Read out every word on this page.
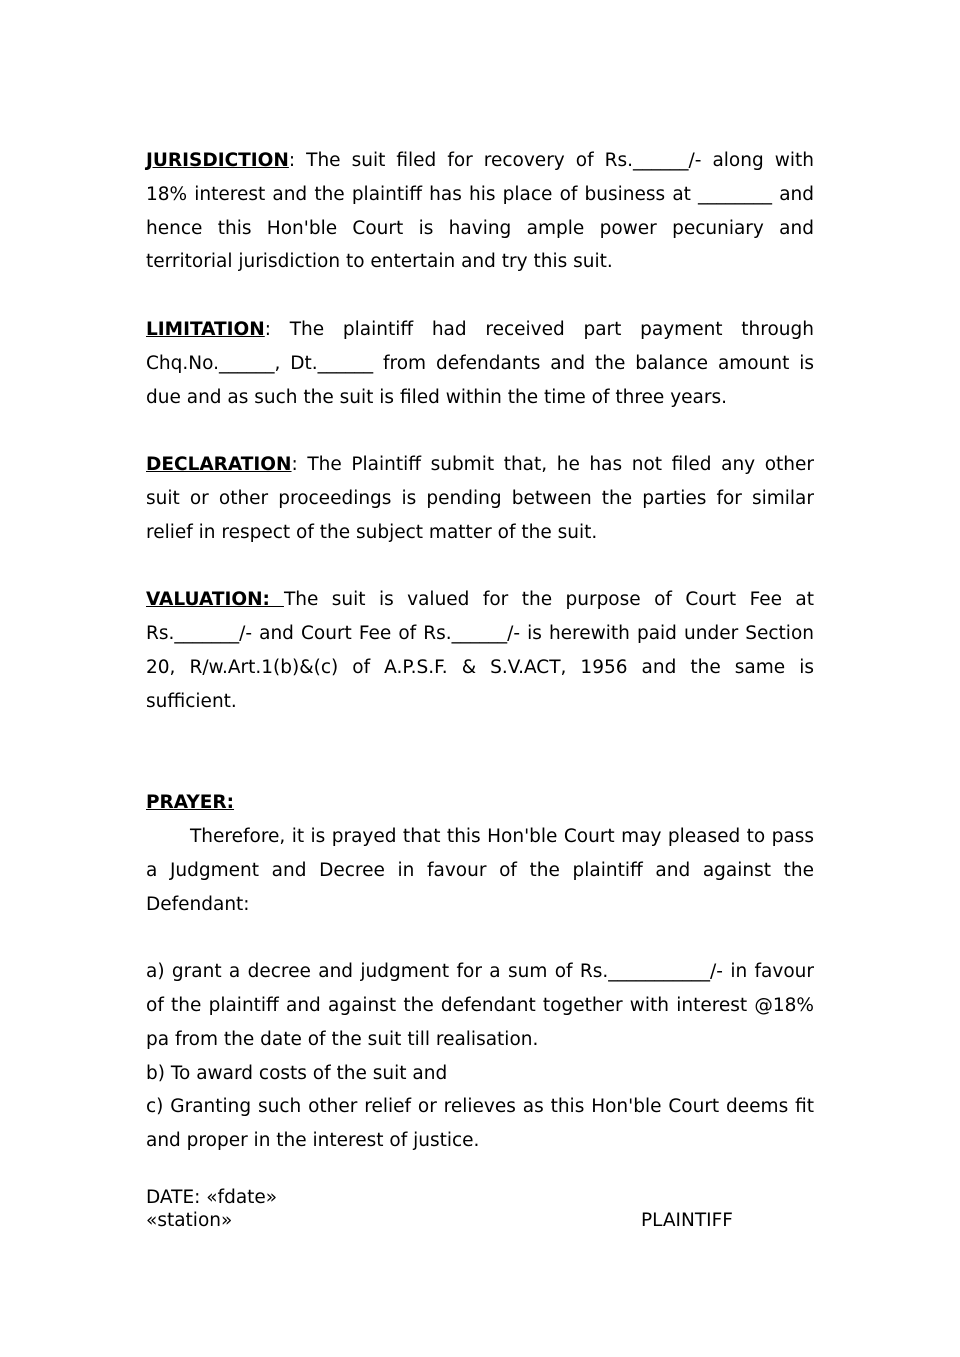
JURISDICTION: The suit filed for recovery of Rs.______/- along with 18% interest and the plaintiff has his place of business at ________ and hence this Hon'ble Court is having ample power pecuniary and territorial jurisdiction to entertain and try this suit.

LIMITATION: The plaintiff had received part payment through Chq.No.______, Dt.______ from defendants and the balance amount is due and as such the suit is filed within the time of three years.

DECLARATION: The Plaintiff submit that, he has not filed any other suit or other proceedings is pending between the parties for similar relief in respect of the subject matter of the suit.

VALUATION: The suit is valued for the purpose of Court Fee at Rs._______/- and Court Fee of Rs.______/- is herewith paid under Section 20, R/w.Art.1(b)&(c) of A.P.S.F. & S.V.ACT, 1956 and the same is sufficient.

PRAYER:

Therefore, it is prayed that this Hon'ble Court may pleased to pass a Judgment and Decree in favour of the plaintiff and against the Defendant:

a) grant a decree and judgment for a sum of Rs.___________/- in favour of the plaintiff and against the defendant together with interest @18% pa from the date of the suit till realisation.

b) To award costs of the suit and

c) Granting such other relief or relieves as this Hon'ble Court deems fit and proper in the interest of justice.

DATE: «fdate»
«station»	PLAINTIFF
